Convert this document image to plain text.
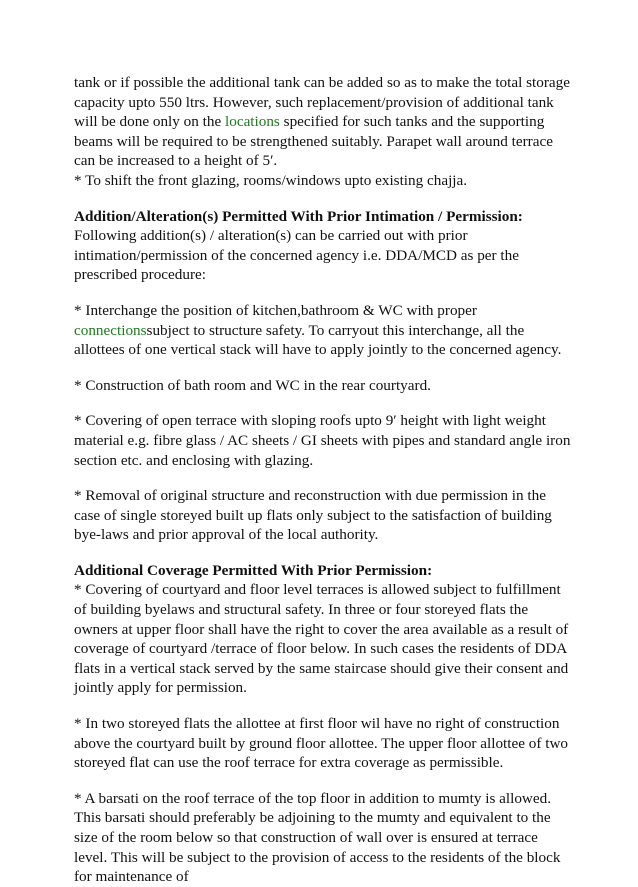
tank or if possible the additional tank can be added so as to make the total storage capacity upto 550 ltrs. However, such replacement/provision of additional tank will be done only on the locations specified for such tanks and the supporting beams will be required to be strengthened suitably. Parapet wall around terrace can be increased to a height of 5′.

* To shift the front glazing, rooms/windows upto existing chajja.

Addition/Alteration(s) Permitted With Prior Intimation / Permission:

Following addition(s) / alteration(s) can be carried out with prior intimation/permission of the concerned agency i.e. DDA/MCD as per the prescribed procedure:

* Interchange the position of kitchen,bathroom & WC with proper connectionssubject to structure safety. To carryout this interchange, all the allottees of one vertical stack will have to apply jointly to the concerned agency.

* Construction of bath room and WC in the rear courtyard.

* Covering of open terrace with sloping roofs upto 9′ height with light weight material e.g. fibre glass / AC sheets / GI sheets with pipes and standard angle iron section etc. and enclosing with glazing.

* Removal of original structure and reconstruction with due permission in the case of single storeyed built up flats only subject to the satisfaction of building bye-laws and prior approval of the local authority.

Additional Coverage Permitted With Prior Permission:

* Covering of courtyard and floor level terraces is allowed subject to fulfillment of building byelaws and structural safety. In three or four storeyed flats the owners at upper floor shall have the right to cover the area available as a result of coverage of courtyard /terrace of floor below. In such cases the residents of DDA flats in a vertical stack served by the same staircase should give their consent and jointly apply for permission.

* In two storeyed flats the allottee at first floor wil have no right of construction above the courtyard built by ground floor allottee. The upper floor allottee of two storeyed flat can use the roof terrace for extra coverage as permissible.

* A barsati on the roof terrace of the top floor in addition to mumty is allowed. This barsati should preferably be adjoining to the mumty and equivalent to the size of the room below so that construction of wall over is ensured at terrace level. This will be subject to the provision of access to the residents of the block for maintenance of
